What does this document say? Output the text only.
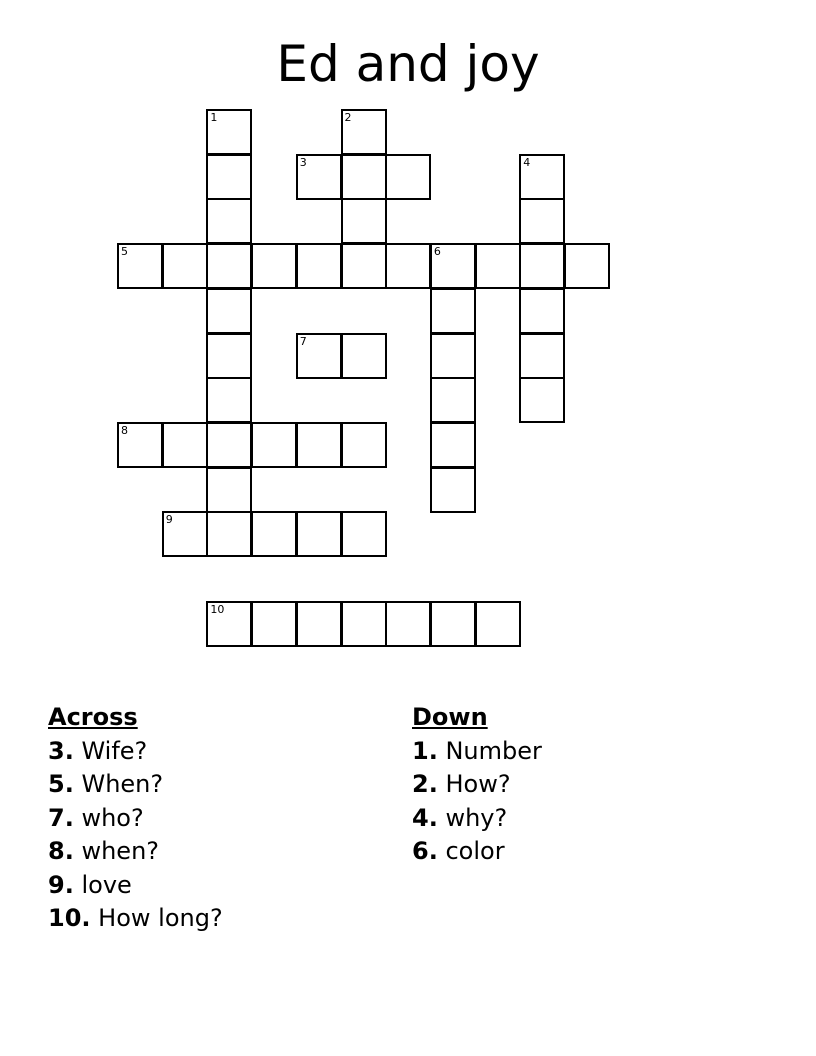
Ed and joy
1	2
3	4
5	6
7
8
9
10
Across
3. Wife?
5. When?
7. who?
8. when?
9. love
10. How long?
Down
1. Number
2. How?
4. why?
6. color
